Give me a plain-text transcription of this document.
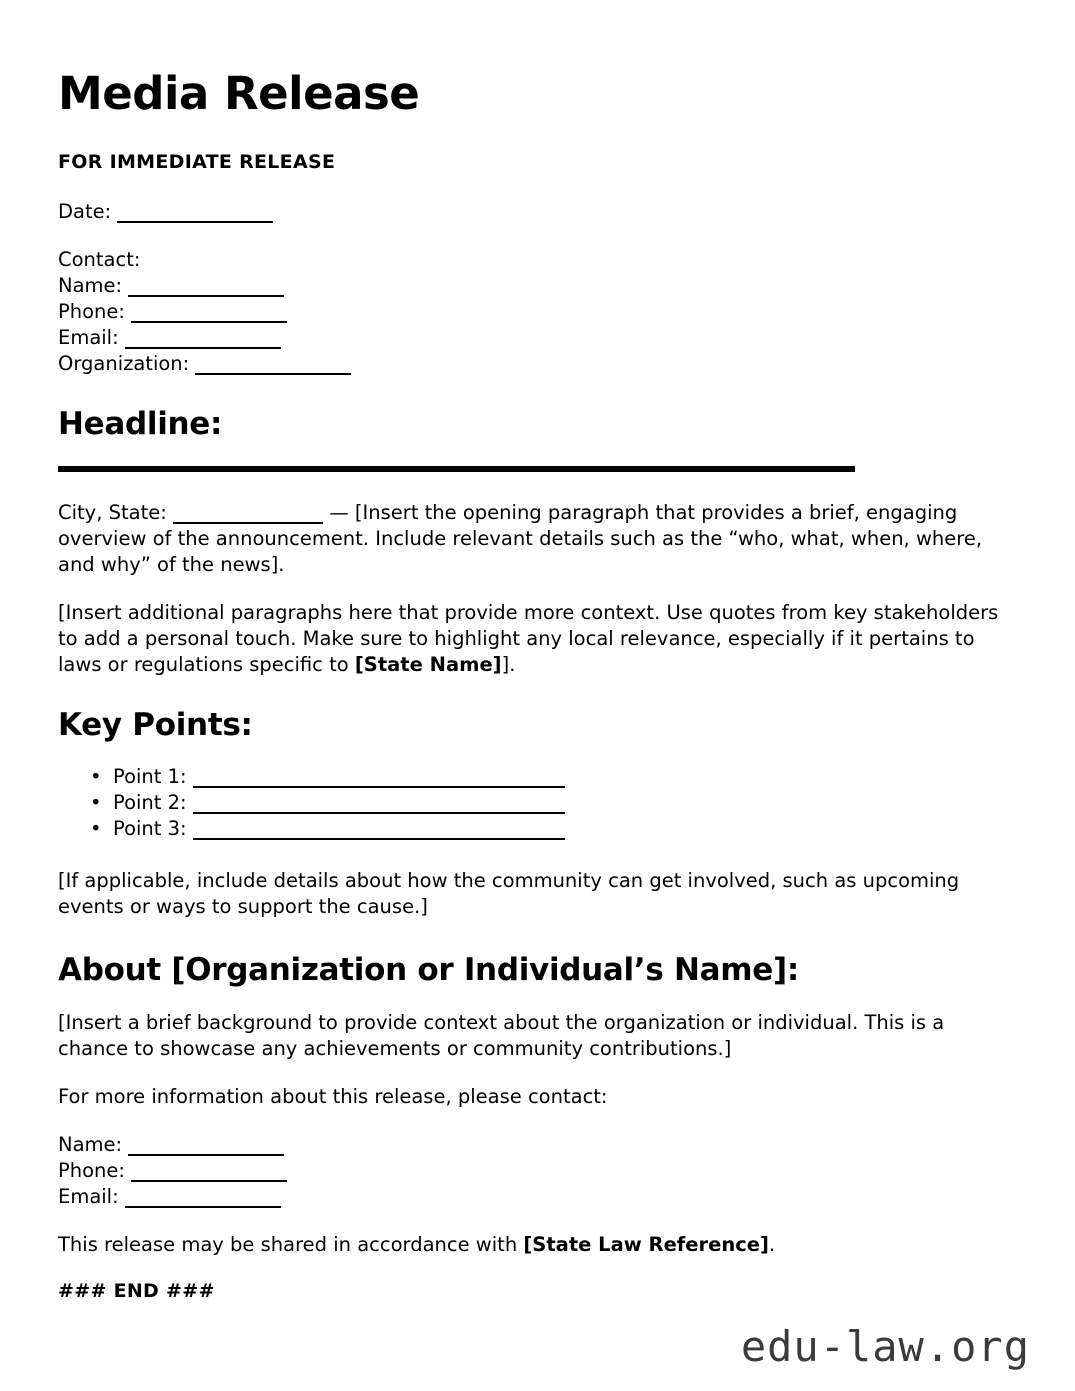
Media Release
FOR IMMEDIATE RELEASE
Date:
Contact:
Name:
Phone:
Email:
Organization:
Headline:

City, State:	— [Insert the opening paragraph that provides a brief, engaging overview of the announcement. Include relevant details such as the “who, what, when, where, and why” of the news].

[Insert additional paragraphs here that provide more context. Use quotes from key stakeholders to add a personal touch. Make sure to highlight any local relevance, especially if it pertains to laws or regulations specific to [State Name]].

Key Points:
• Point 1:
• Point 2:
• Point 3:

[If applicable, include details about how the community can get involved, such as upcoming events or ways to support the cause.]

About [Organization or Individual’s Name]:

[Insert a brief background to provide context about the organization or individual. This is a chance to showcase any achievements or community contributions.]

For more information about this release, please contact:

Name:
Phone:
Email:

This release may be shared in accordance with [State Law Reference].

### END ###
edu-law.org
